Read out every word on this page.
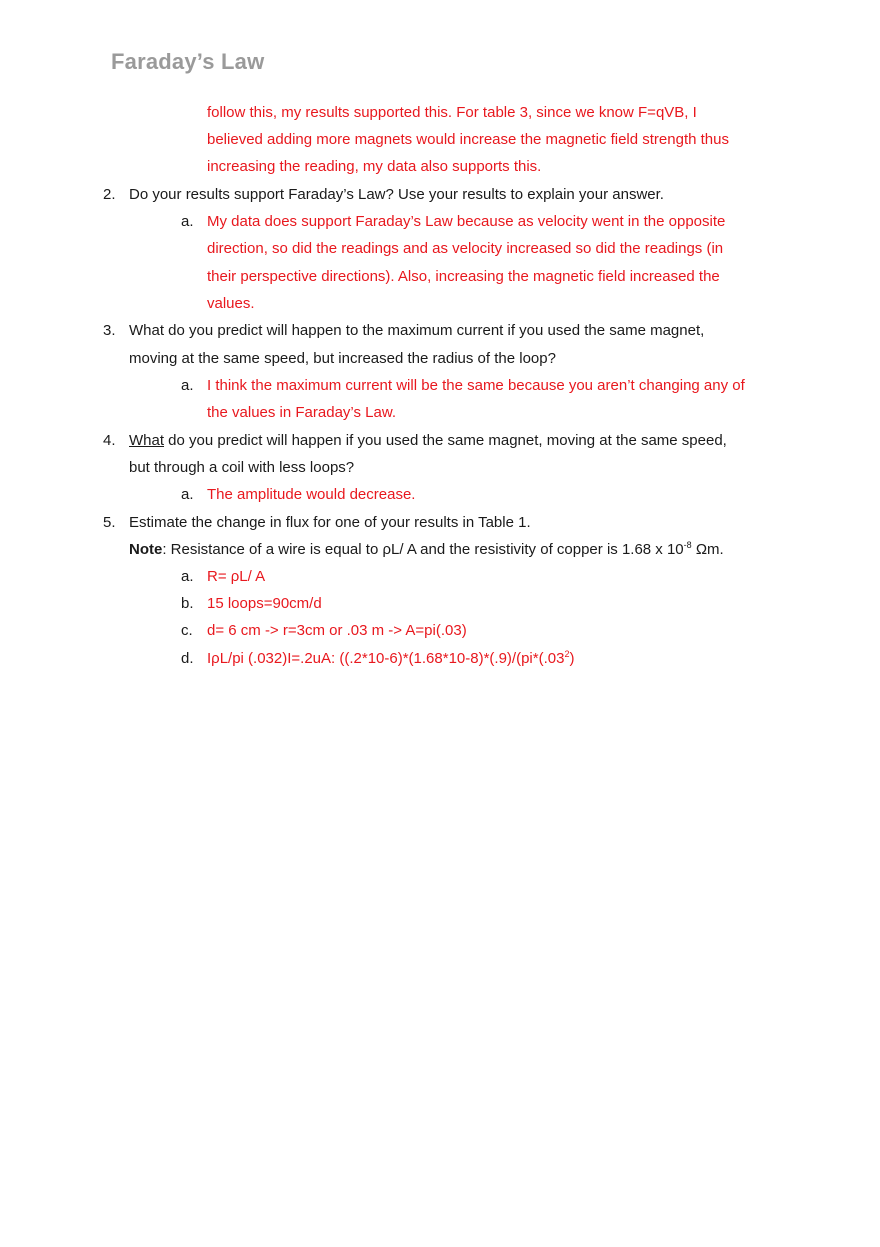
Faraday’s Law
follow this, my results supported this. For table 3, since we know F=qVB, I
believed adding more magnets would increase the magnetic field strength thus
increasing the reading, my data also supports this.
2. Do your results support Faraday’s Law? Use your results to explain your answer.
a. My data does support Faraday’s Law because as velocity went in the opposite
direction, so did the readings and as velocity increased so did the readings (in
their perspective directions). Also, increasing the magnetic field increased the
values.
3. What do you predict will happen to the maximum current if you used the same magnet,
moving at the same speed, but increased the radius of the loop?
a. I think the maximum current will be the same because you aren’t changing any of
the values in Faraday’s Law.
4. What do you predict will happen if you used the same magnet, moving at the same speed,
but through a coil with less loops?
a. The amplitude would decrease.
5. Estimate the change in flux for one of your results in Table 1.
Note: Resistance of a wire is equal to ρL/ A and the resistivity of copper is 1.68 x $10^{-8}$ Ωm.
a. R= ρL/ A
b. 15 loops=90cm/d
c. d= 6 cm -> r=3cm or .03 m -> A=pi(.03)
d. IρL/pi (.032)I=.2uA: ($(.2*10-6)*(1.68*10-8)*(.9)/(pi*(.03^2)$
